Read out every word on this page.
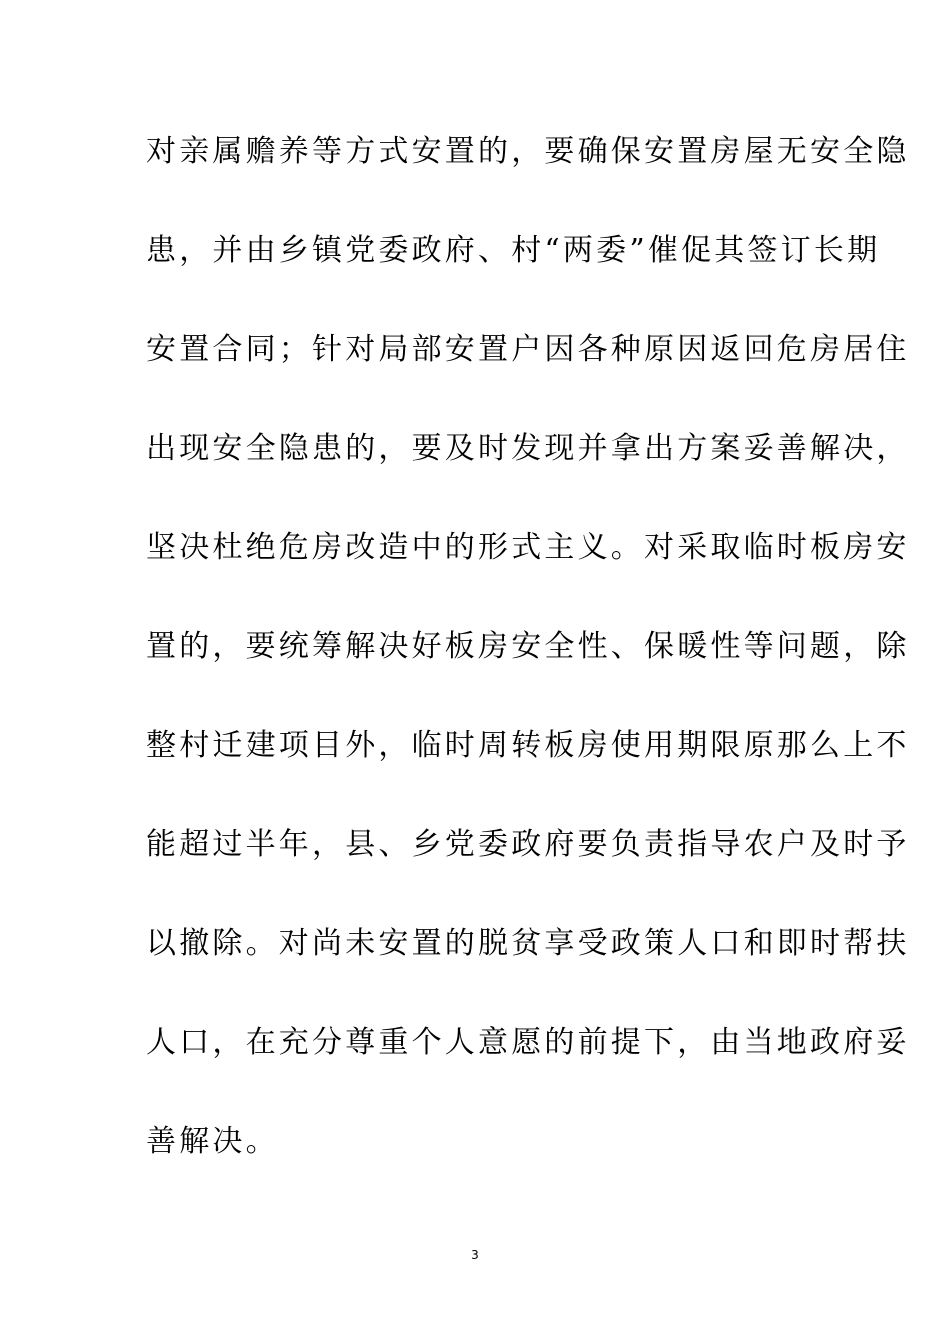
对亲属赡养等方式安置的，要确保安置房屋无安全隐
患，并由乡镇党委政府、村“两委”催促其签订长期
安置合同；针对局部安置户因各种原因返回危房居住
出现安全隐患的，要及时发现并拿出方案妥善解决，
坚决杜绝危房改造中的形式主义。对采取临时板房安
置的，要统筹解决好板房安全性、保暖性等问题，除
整村迁建项目外，临时周转板房使用期限原那么上不
能超过半年，县、乡党委政府要负责指导农户及时予
以撤除。对尚未安置的脱贫享受政策人口和即时帮扶
人口，在充分尊重个人意愿的前提下，由当地政府妥
善解决。
3
